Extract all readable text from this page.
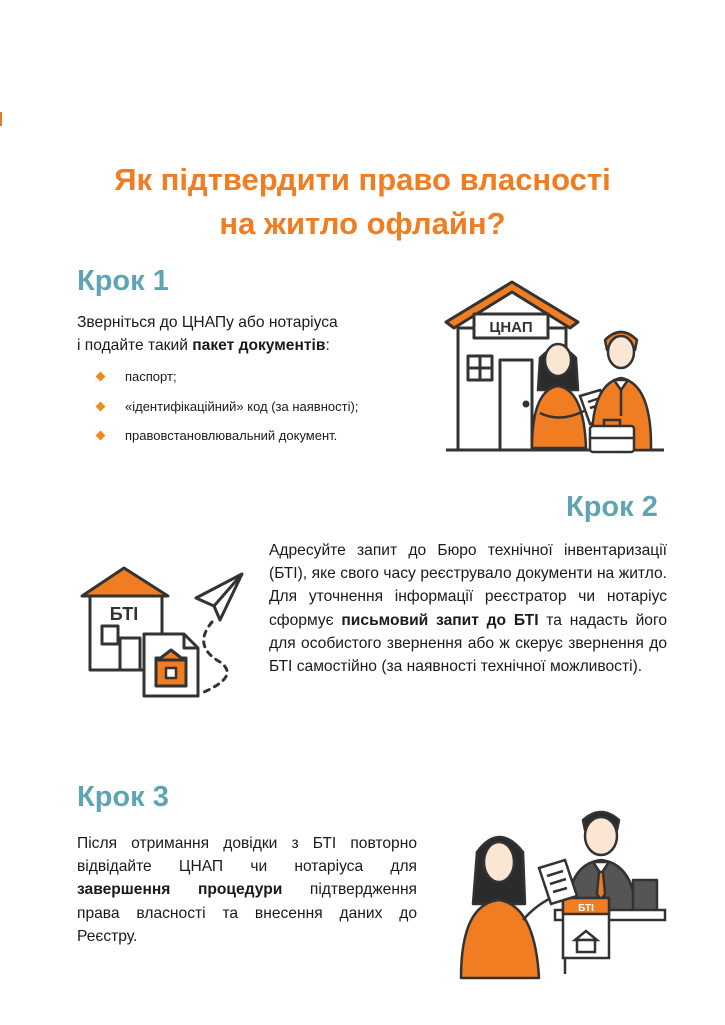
Як підтвердити право власності
на житло офлайн?
Крок 1
Зверніться до ЦНАПу або нотаріуса
і подайте такий пакет документів:
паспорт;
«ідентифікаційний» код (за наявності);
правовстановлювальний документ.
ЦНАП
Крок 2
БТІ
Адресуйте запит до Бюро технічної інвентаризації (БТІ), яке свого часу реєструвало документи на житло. Для уточнення інформації реєстратор чи нотаріус сформує письмовий запит до БТІ та надасть його для особистого звернення або ж скерує звернення до БТІ самостійно (за наявності технічної можливості).
Крок 3
Після отримання довідки з БТІ повторно відвідайте ЦНАП чи нотаріуса для завершення процедури підтвердження права власності та внесення даних до Реєстру.
БТІ
